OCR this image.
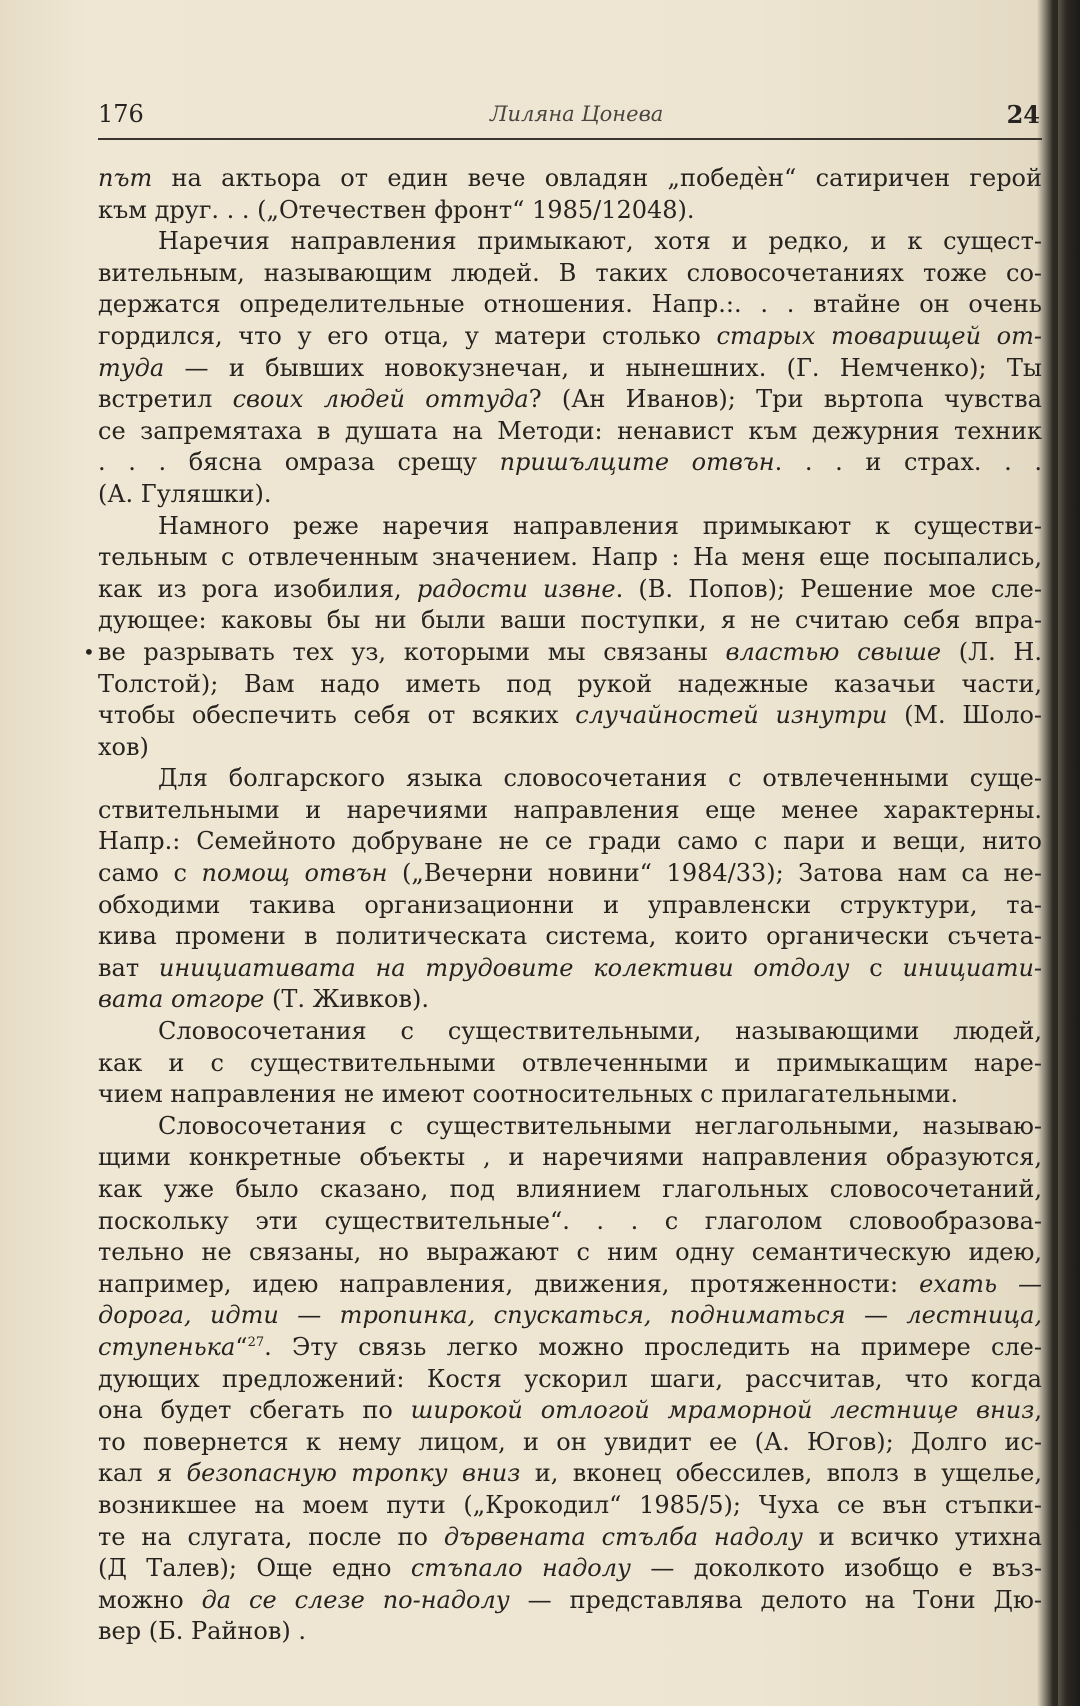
176	Лиляна Цонева	24
път на актьора от един вече овладян „победѐн“ сатиричен герой
към друг. . . („Отечествен фронт“ 1985/12048).
Наречия направления примыкают, хотя и редко, и к сущест-
вительным, называющим людей. В таких словосочетаниях тоже со-
держатся определительные отношения. Напр.:. . . втайне он очень
гордился, что у его отца, у матери столько старых товарищей от-
туда — и бывших новокузнечан, и нынешних. (Г. Немченко); Ты
встретил своих людей оттуда? (Ан Иванов); Три вьртопа чувства
се запремятаха в душата на Методи: ненавист към дежурния техник
. . . бясна омраза срещу пришълците отвън. . . и страх. . .
(А. Гуляшки).
Намного реже наречия направления примыкают к существи-
тельным с отвлеченным значением. Напр : На меня еще посыпались,
как из рога изобилия, радости извне. (В. Попов); Решение мое сле-
дующее: каковы бы ни были ваши поступки, я не считаю себя впра-
• ве разрывать тех уз, которыми мы связаны властью свыше (Л. Н.
Толстой); Вам надо иметь под рукой надежные казачьи части,
чтобы обеспечить себя от всяких случайностей изнутри (М. Шоло-
хов)
Для болгарского языка словосочетания с отвлеченными суще-
ствительными и наречиями направления еще менее характерны.
Напр.: Семейното добруване не се гради само с пари и вещи, нито
само с помощ отвън („Вечерни новини“ 1984/33); Затова нам са не-
обходими такива организационни и управленски структури, та-
кива промени в политическата система, които органически съчета-
ват инициативата на трудовите колективи отдолу с инициати-
вата отгоре (Т. Живков).
Словосочетания с существительными, называющими людей,
как и с существительными отвлеченными и примыкащим наре-
чием направления не имеют соотносительных с прилагательными.
Словосочетания с существительными неглагольными, называю-
щими конкретные объекты , и наречиями направления образуются,
как уже было сказано, под влиянием глагольных словосочетаний,
поскольку эти существительные“. . . с глаголом словообразова-
тельно не связаны, но выражают с ним одну семантическую идею,
например, идею направления, движения, протяженности: ехать —
дорога, идти — тропинка, спускаться, подниматься — лестница,
ступенька“$^{27}$. Эту связь легко можно проследить на примере сле-
дующих предложений: Костя ускорил шаги, рассчитав, что когда
она будет сбегать по широкой отлогой мраморной лестнице вниз,
то повернется к нему лицом, и он увидит ее (А. Югов); Долго ис-
кал я безопасную тропку вниз и, вконец обессилев, вполз в ущелье,
возникшее на моем пути („Крокодил“ 1985/5); Чуха се вън стъпки-
те на слугата, после по дървената стълба надолу и всичко утихна
(Д Талев); Още едно стъпало надолу — доколкото изобщо е въз-
можно да се слезе по-надолу — представлява делото на Тони Дю-
вер (Б. Райнов) .
